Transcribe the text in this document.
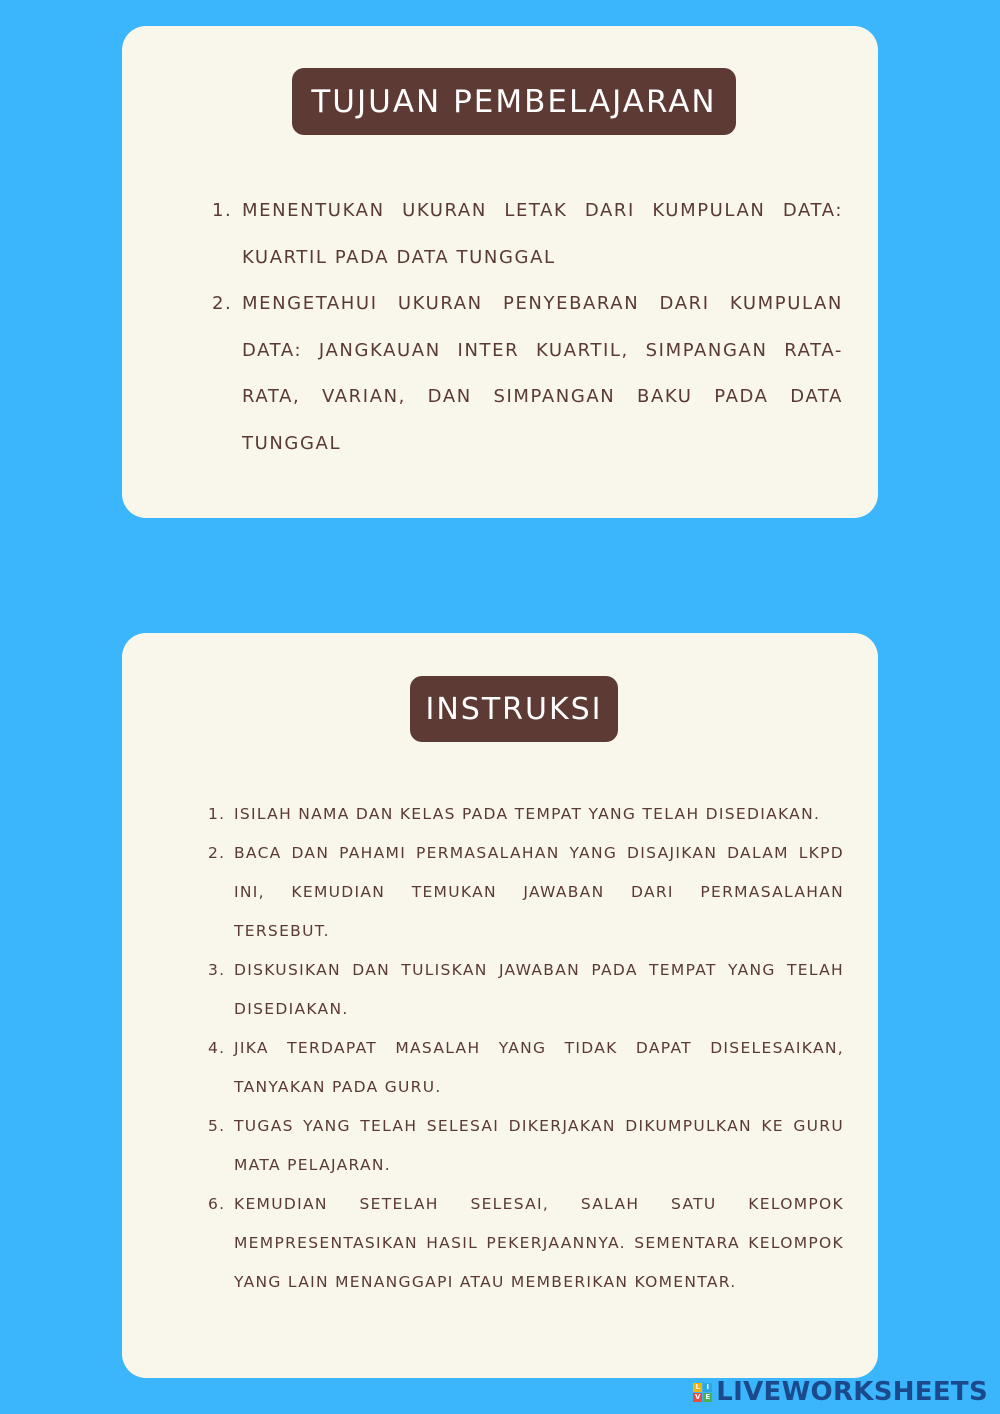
TUJUAN PEMBELAJARAN
1. MENENTUKAN UKURAN LETAK DARI KUMPULAN DATA: KUARTIL PADA DATA TUNGGAL
2. MENGETAHUI UKURAN PENYEBARAN DARI KUMPULAN DATA: JANGKAUAN INTER KUARTIL, SIMPANGAN RATA-RATA, VARIAN, DAN SIMPANGAN BAKU PADA DATA TUNGGAL
INSTRUKSI
1. ISILAH NAMA DAN KELAS PADA TEMPAT YANG TELAH DISEDIAKAN.
2. BACA DAN PAHAMI PERMASALAHAN YANG DISAJIKAN DALAM LKPD INI, KEMUDIAN TEMUKAN JAWABAN DARI PERMASALAHAN TERSEBUT.
3. DISKUSIKAN DAN TULISKAN JAWABAN PADA TEMPAT YANG TELAH DISEDIAKAN.
4. JIKA TERDAPAT MASALAH YANG TIDAK DAPAT DISELESAIKAN, TANYAKAN PADA GURU.
5. TUGAS YANG TELAH SELESAI DIKERJAKAN DIKUMPULKAN KE GURU MATA PELAJARAN.
6. KEMUDIAN SETELAH SELESAI, SALAH SATU KELOMPOK MEMPRESENTASIKAN HASIL PEKERJAANNYA. SEMENTARA KELOMPOK YANG LAIN MENANGGAPI ATAU MEMBERIKAN KOMENTAR.
L I
V E LIVEWORKSHEETS
